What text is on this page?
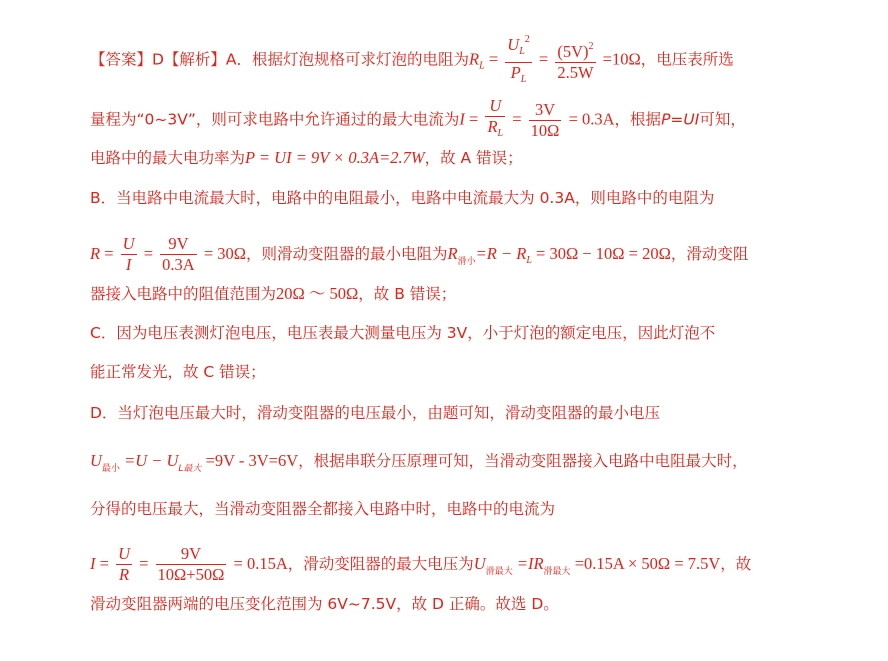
【答案】D【解析】A．根据灯泡规格可求灯泡的电阻为$R_L = \frac{U_L^2}{P_L} = \frac{(5V)^2}{2.5W} =10\Omega$，电压表所选
量程为“0~3V”，则可求电路中允许通过的最大电流为$I = \frac{U}{R_L} = \frac{3V}{10\Omega} = 0.3A$，根据P=UI可知，
电路中的最大电功率为P = UI = 9V × 0.3A=2.7W，故 A 错误；
B．当电路中电流最大时，电路中的电阻最小，电路中电流最大为 0.3A，则电路中的电阻为
$R = \frac{U}{I} = \frac{9V}{0.3A} = 30\Omega$，则滑动变阻器的最小电阻为$R_{滑小}=R - R_L = 30\Omega - 10\Omega = 20\Omega$，滑动变阻
器接入电路中的阻值范围为20Ω ～ 50Ω，故 B 错误；
C．因为电压表测灯泡电压，电压表最大测量电压为 3V，小于灯泡的额定电压，因此灯泡不
能正常发光，故 C 错误；
D．当灯泡电压最大时，滑动变阻器的电压最小，由题可知，滑动变阻器的最小电压
$U_{最小} =U - U_{L最大} =9V - 3V=6V$，根据串联分压原理可知，当滑动变阻器接入电路中电阻最大时，
分得的电压最大，当滑动变阻器全都接入电路中时，电路中的电流为
$I = \frac{U}{R} = \frac{9V}{10\Omega+50\Omega} = 0.15A$，滑动变阻器的最大电压为$U_{滑最大} =IR_{滑最大} =0.15A \times 50\Omega = 7.5V$，故
滑动变阻器两端的电压变化范围为 6V~7.5V，故 D 正确。故选 D。
